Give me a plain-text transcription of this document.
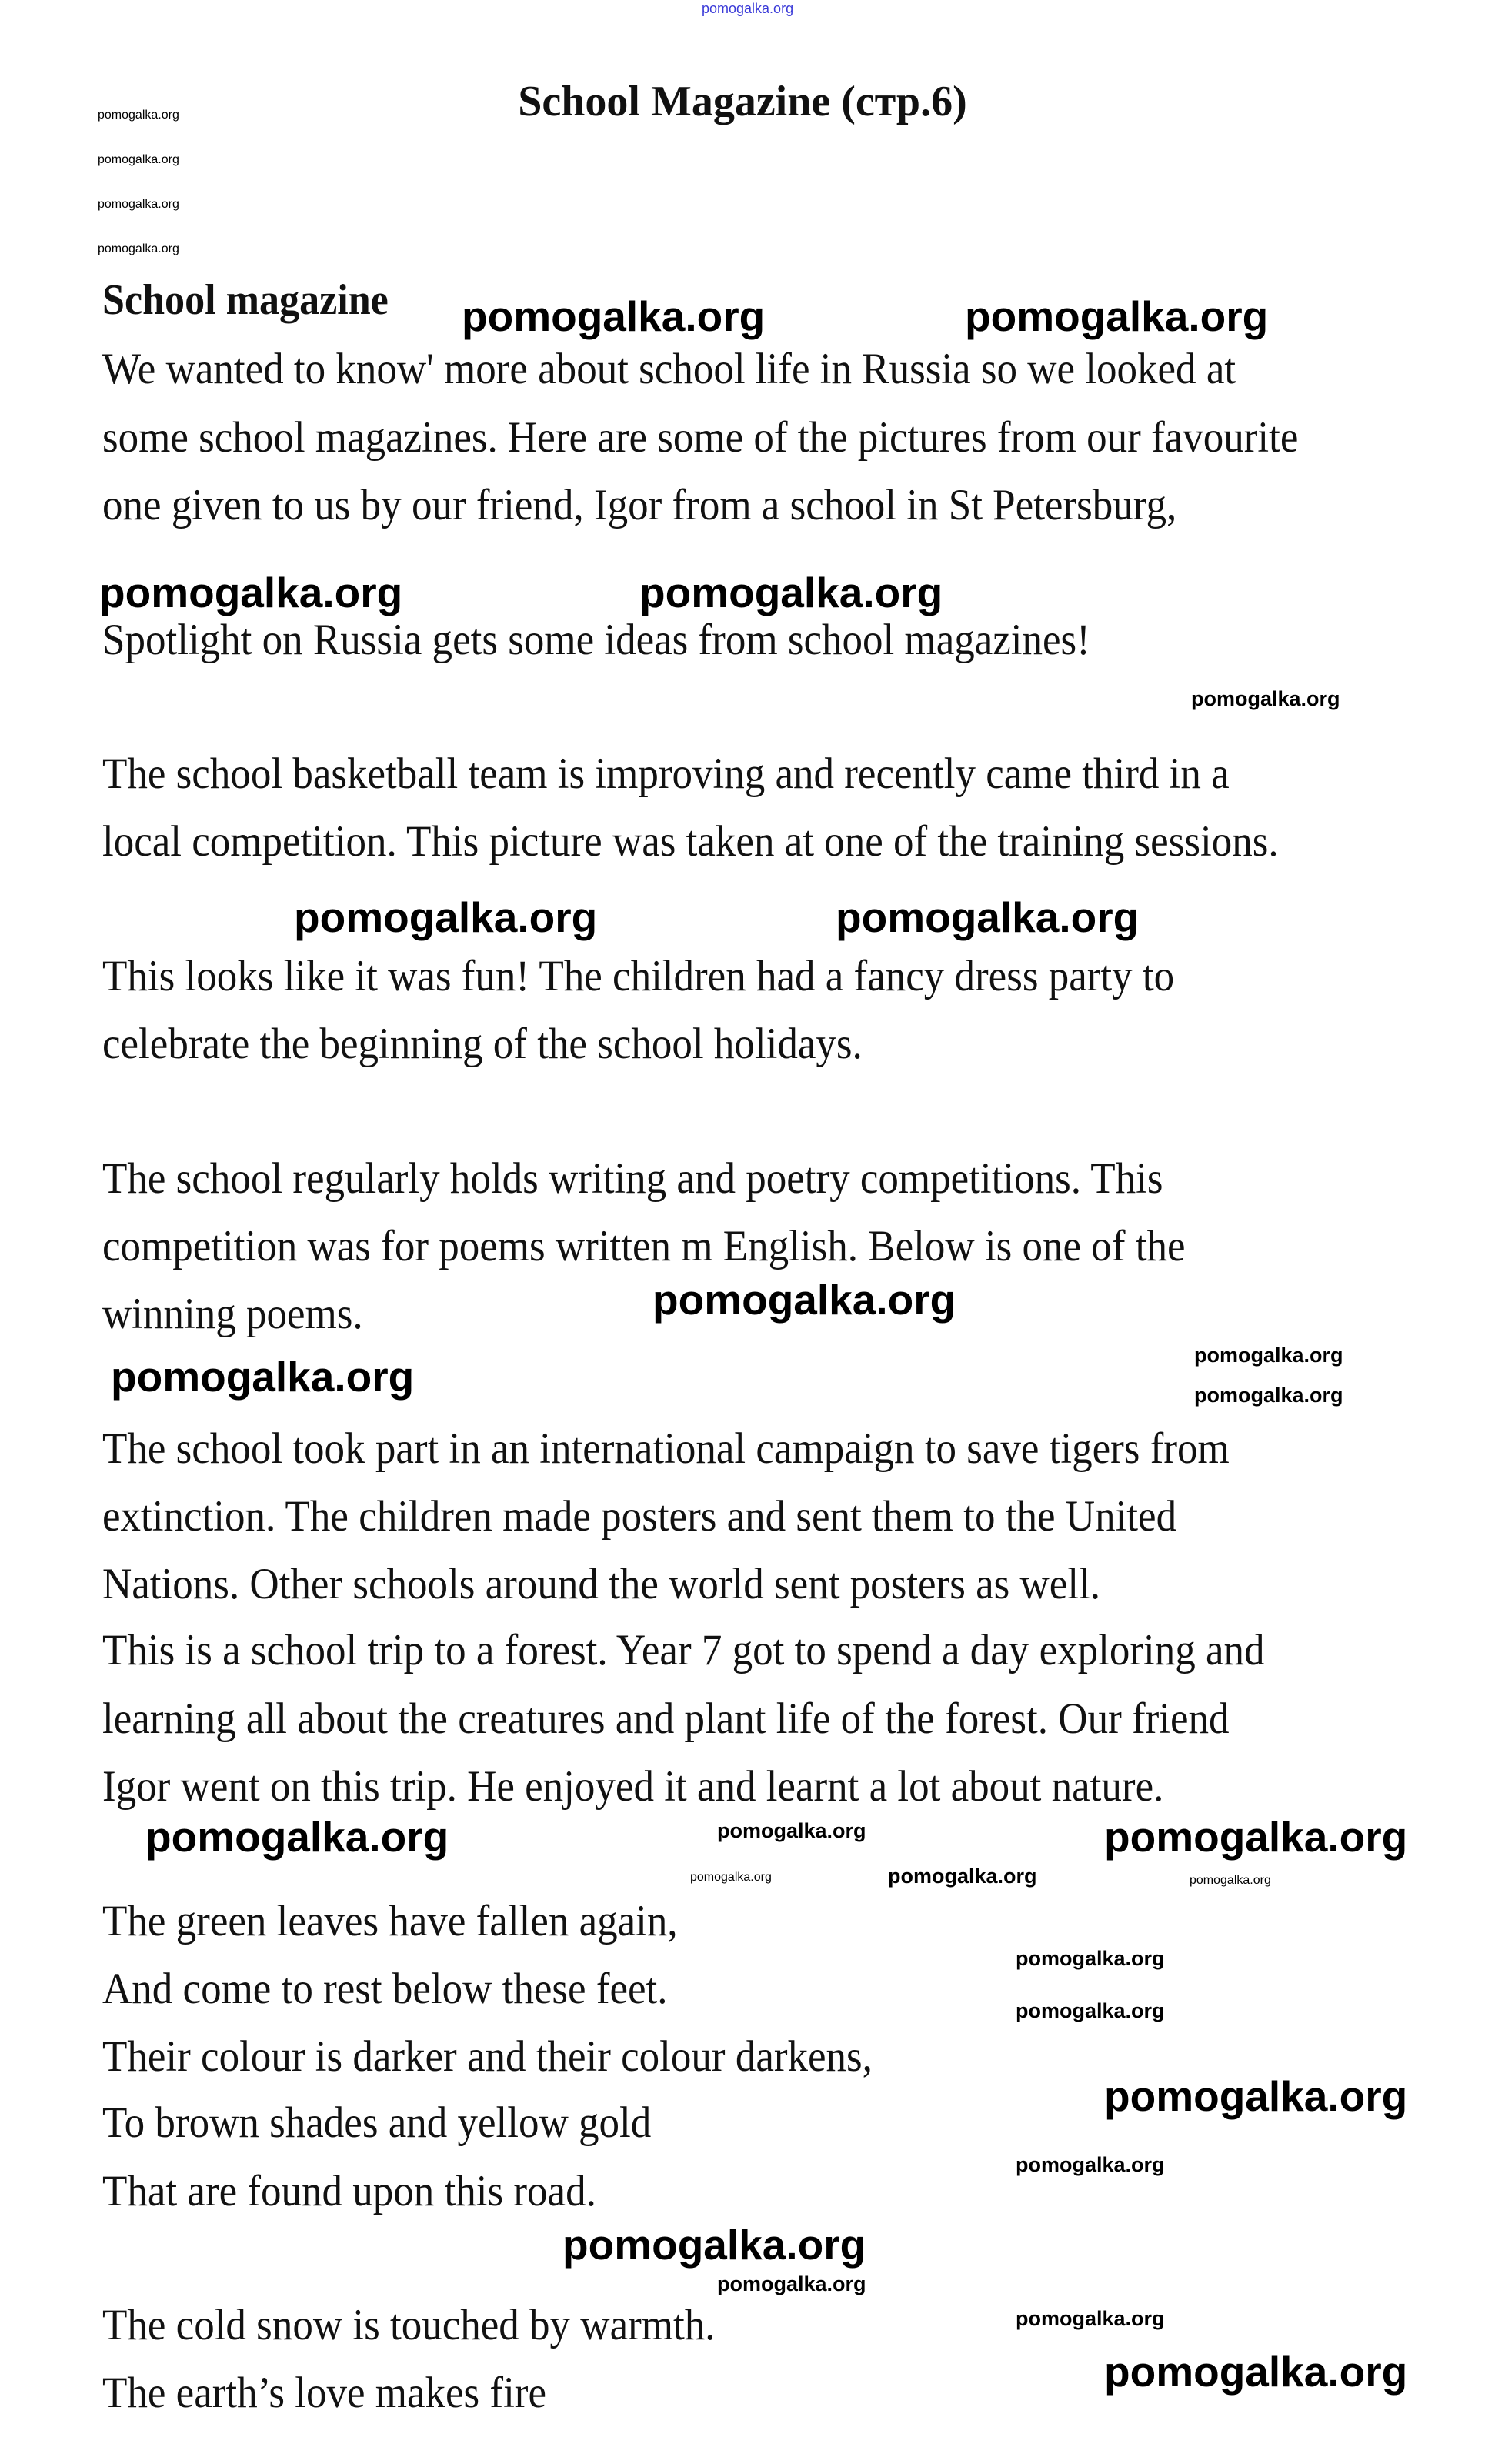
pomogalka.org
School Magazine (стр.6)
School magazine
We wanted to know' more about school life in Russia so we looked at
some school magazines. Here are some of the pictures from our favourite
one given to us by our friend, Igor from a school in St Petersburg,
Spotlight on Russia gets some ideas from school magazines!
The school basketball team is improving and recently came third in a
local competition. This picture was taken at one of the training sessions.
This looks like it was fun! The children had a fancy dress party to
celebrate the beginning of the school holidays.
The school regularly holds writing and poetry competitions. This
competition was for poems written m English. Below is one of the
winning poems.
The school took part in an international campaign to save tigers from
extinction. The children made posters and sent them to the United
Nations. Other schools around the world sent posters as well.
This is a school trip to a forest. Year 7 got to spend a day exploring and
learning all about the creatures and plant life of the forest. Our friend
Igor went on this trip. He enjoyed it and learnt a lot about nature.
The green leaves have fallen again,
And come to rest below these feet.
Their colour is darker and their colour darkens,
To brown shades and yellow gold
That are found upon this road.
The cold snow is touched by warmth.
The earth’s love makes fire
pomogalka.org
pomogalka.org
pomogalka.org
pomogalka.org
pomogalka.org	pomogalka.org
pomogalka.org	pomogalka.org
pomogalka.org
pomogalka.org	pomogalka.org
pomogalka.org
pomogalka.org
pomogalka.org
pomogalka.org
pomogalka.org	pomogalka.org
pomogalka.org
pomogalka.org	pomogalka.org	pomogalka.org
pomogalka.org
pomogalka.org
pomogalka.org
pomogalka.org
pomogalka.org
pomogalka.org
pomogalka.org
pomogalka.org
